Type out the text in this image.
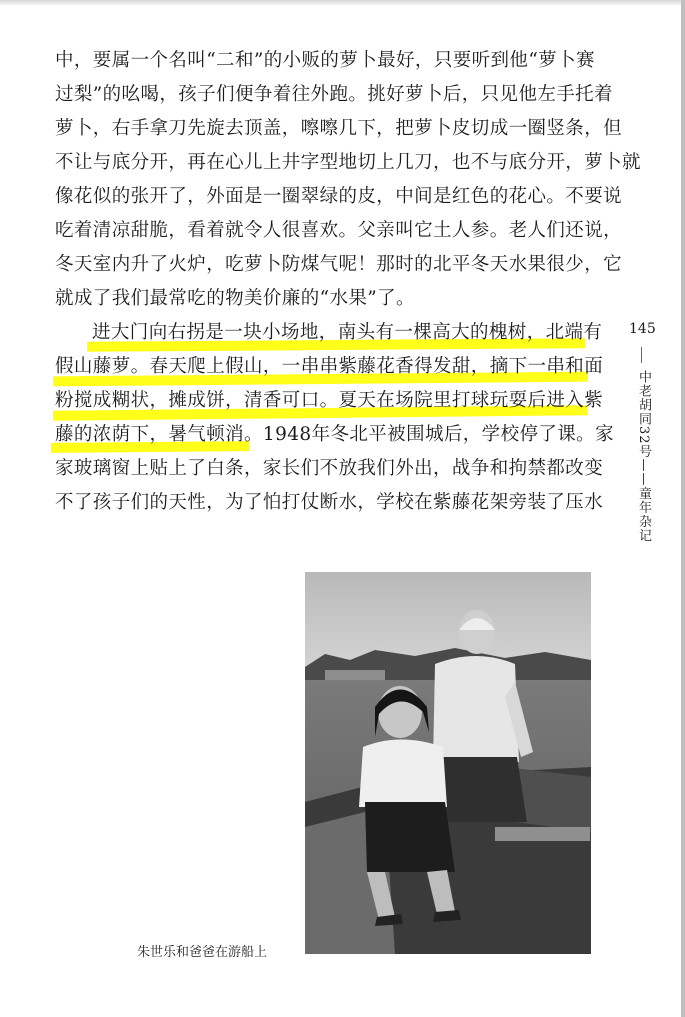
中，要属一个名叫“二和”的小贩的萝卜最好，只要听到他“萝卜赛
过梨”的吆喝，孩子们便争着往外跑。挑好萝卜后，只见他左手托着
萝卜，右手拿刀先旋去顶盖，嚓嚓几下，把萝卜皮切成一圈竖条，但
不让与底分开，再在心儿上井字型地切上几刀，也不与底分开，萝卜就
像花似的张开了，外面是一圈翠绿的皮，中间是红色的花心。不要说
吃着清凉甜脆，看着就令人很喜欢。父亲叫它土人参。老人们还说，
冬天室内升了火炉，吃萝卜防煤气呢！那时的北平冬天水果很少，它
就成了我们最常吃的物美价廉的“水果”了。
进大门向右拐是一块小场地，南头有一棵高大的槐树，北端有
假山藤萝。春天爬上假山，一串串紫藤花香得发甜，摘下一串和面
粉搅成糊状，摊成饼，清香可口。夏天在场院里打球玩耍后进入紫
藤的浓荫下，暑气顿消。1948年冬北平被围城后，学校停了课。家
家玻璃窗上贴上了白条，家长们不放我们外出，战争和拘禁都改变
不了孩子们的天性，为了怕打仗断水，学校在紫藤花架旁装了压水
145
中老胡同32号——童年杂记
朱世乐和爸爸在游船上
